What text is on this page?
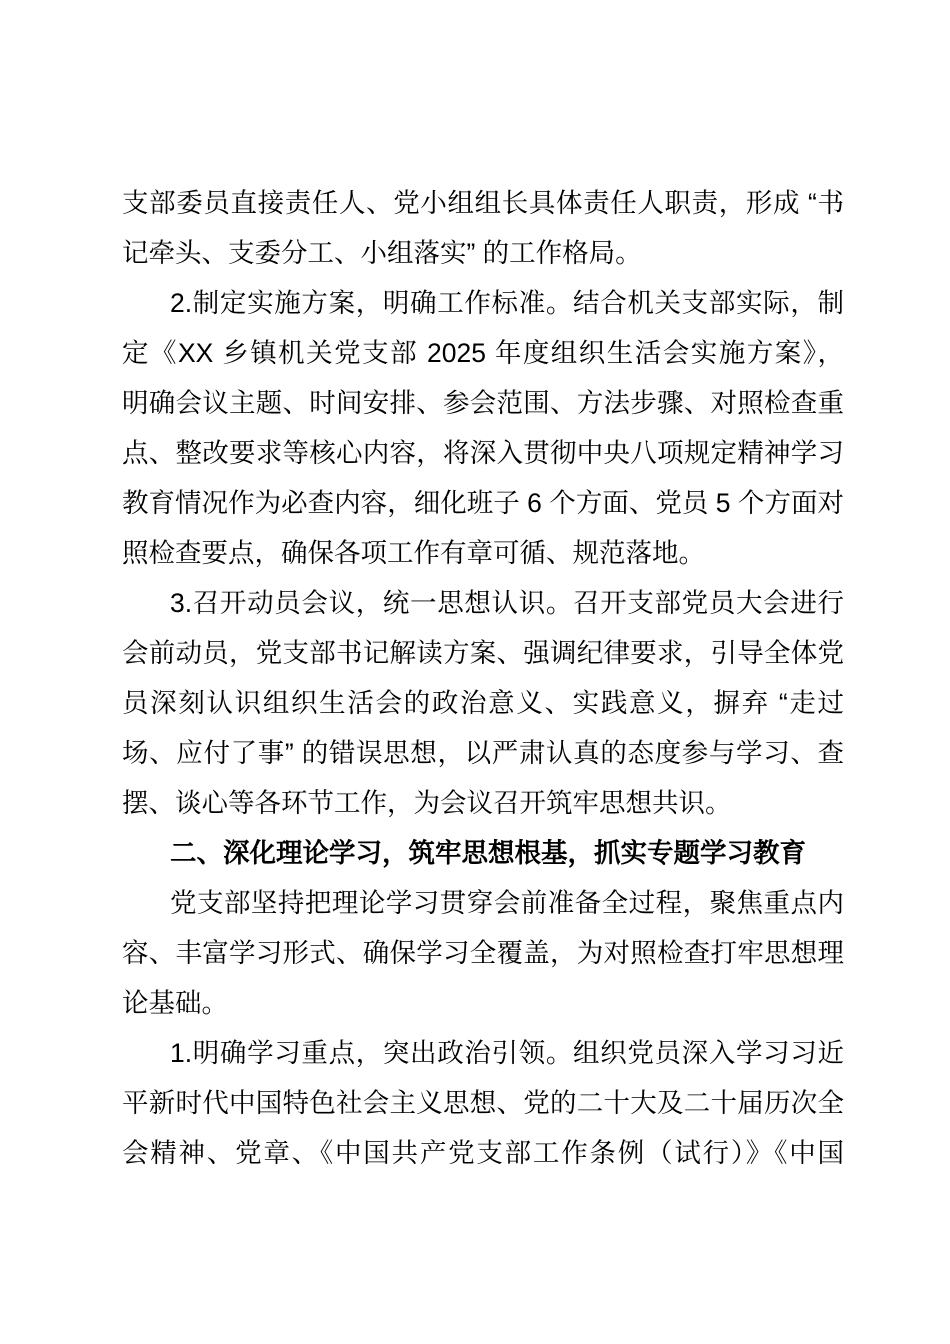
支部委员直接责任人、党小组组长具体责任人职责，形成 “书
记牵头、支委分工、小组落实” 的工作格局。
2.制定实施方案，明确工作标准。结合机关支部实际，制
定《XX 乡镇机关党支部 2025 年度组织生活会实施方案》，
明确会议主题、时间安排、参会范围、方法步骤、对照检查重
点、整改要求等核心内容，将深入贯彻中央八项规定精神学习
教育情况作为必查内容，细化班子 6 个方面、党员 5 个方面对
照检查要点，确保各项工作有章可循、规范落地。
3.召开动员会议，统一思想认识。召开支部党员大会进行
会前动员，党支部书记解读方案、强调纪律要求，引导全体党
员深刻认识组织生活会的政治意义、实践意义，摒弃 “走过
场、应付了事” 的错误思想，以严肃认真的态度参与学习、查
摆、谈心等各环节工作，为会议召开筑牢思想共识。
二、深化理论学习，筑牢思想根基，抓实专题学习教育
党支部坚持把理论学习贯穿会前准备全过程，聚焦重点内
容、丰富学习形式、确保学习全覆盖，为对照检查打牢思想理
论基础。
1.明确学习重点，突出政治引领。组织党员深入学习习近
平新时代中国特色社会主义思想、党的二十大及二十届历次全
会精神、党章、《中国共产党支部工作条例（试行）》《中国
